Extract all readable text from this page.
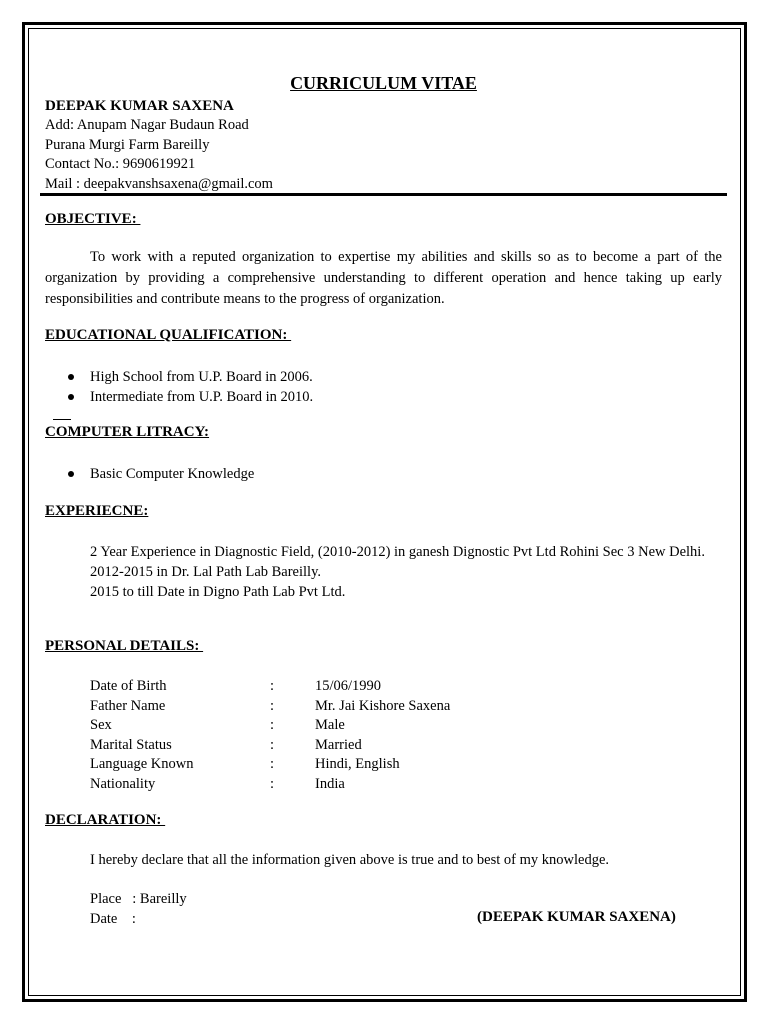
CURRICULUM VITAE
DEEPAK KUMAR SAXENA
Add: Anupam Nagar Budaun Road
Purana Murgi Farm Bareilly
Contact No.: 9690619921
Mail : deepakvanshsaxena@gmail.com
OBJECTIVE:
To work with a reputed organization to expertise my abilities and skills so as to become a part of the organization by providing a comprehensive understanding to different operation and hence taking up early responsibilities and contribute means to the progress of organization.
EDUCATIONAL QUALIFICATION:
High School from U.P. Board in 2006.
Intermediate from U.P. Board in 2010.
COMPUTER LITRACY:
Basic Computer Knowledge
EXPERIECNE:
2 Year Experience in Diagnostic Field, (2010-2012) in ganesh Dignostic Pvt Ltd Rohini Sec 3 New Delhi.
2012-2015 in Dr. Lal Path Lab Bareilly.
2015 to till Date in Digno Path Lab Pvt Ltd.
PERSONAL DETAILS:
Date of Birth	:	15/06/1990
Father Name	:	Mr. Jai Kishore Saxena
Sex	:	Male
Marital Status	:	Married
Language Known	:	Hindi, English
Nationality	:	India
DECLARATION:
I hereby declare that all the information given above is true and to best of my knowledge.
Place   : Bareilly
Date    :	(DEEPAK KUMAR SAXENA)
